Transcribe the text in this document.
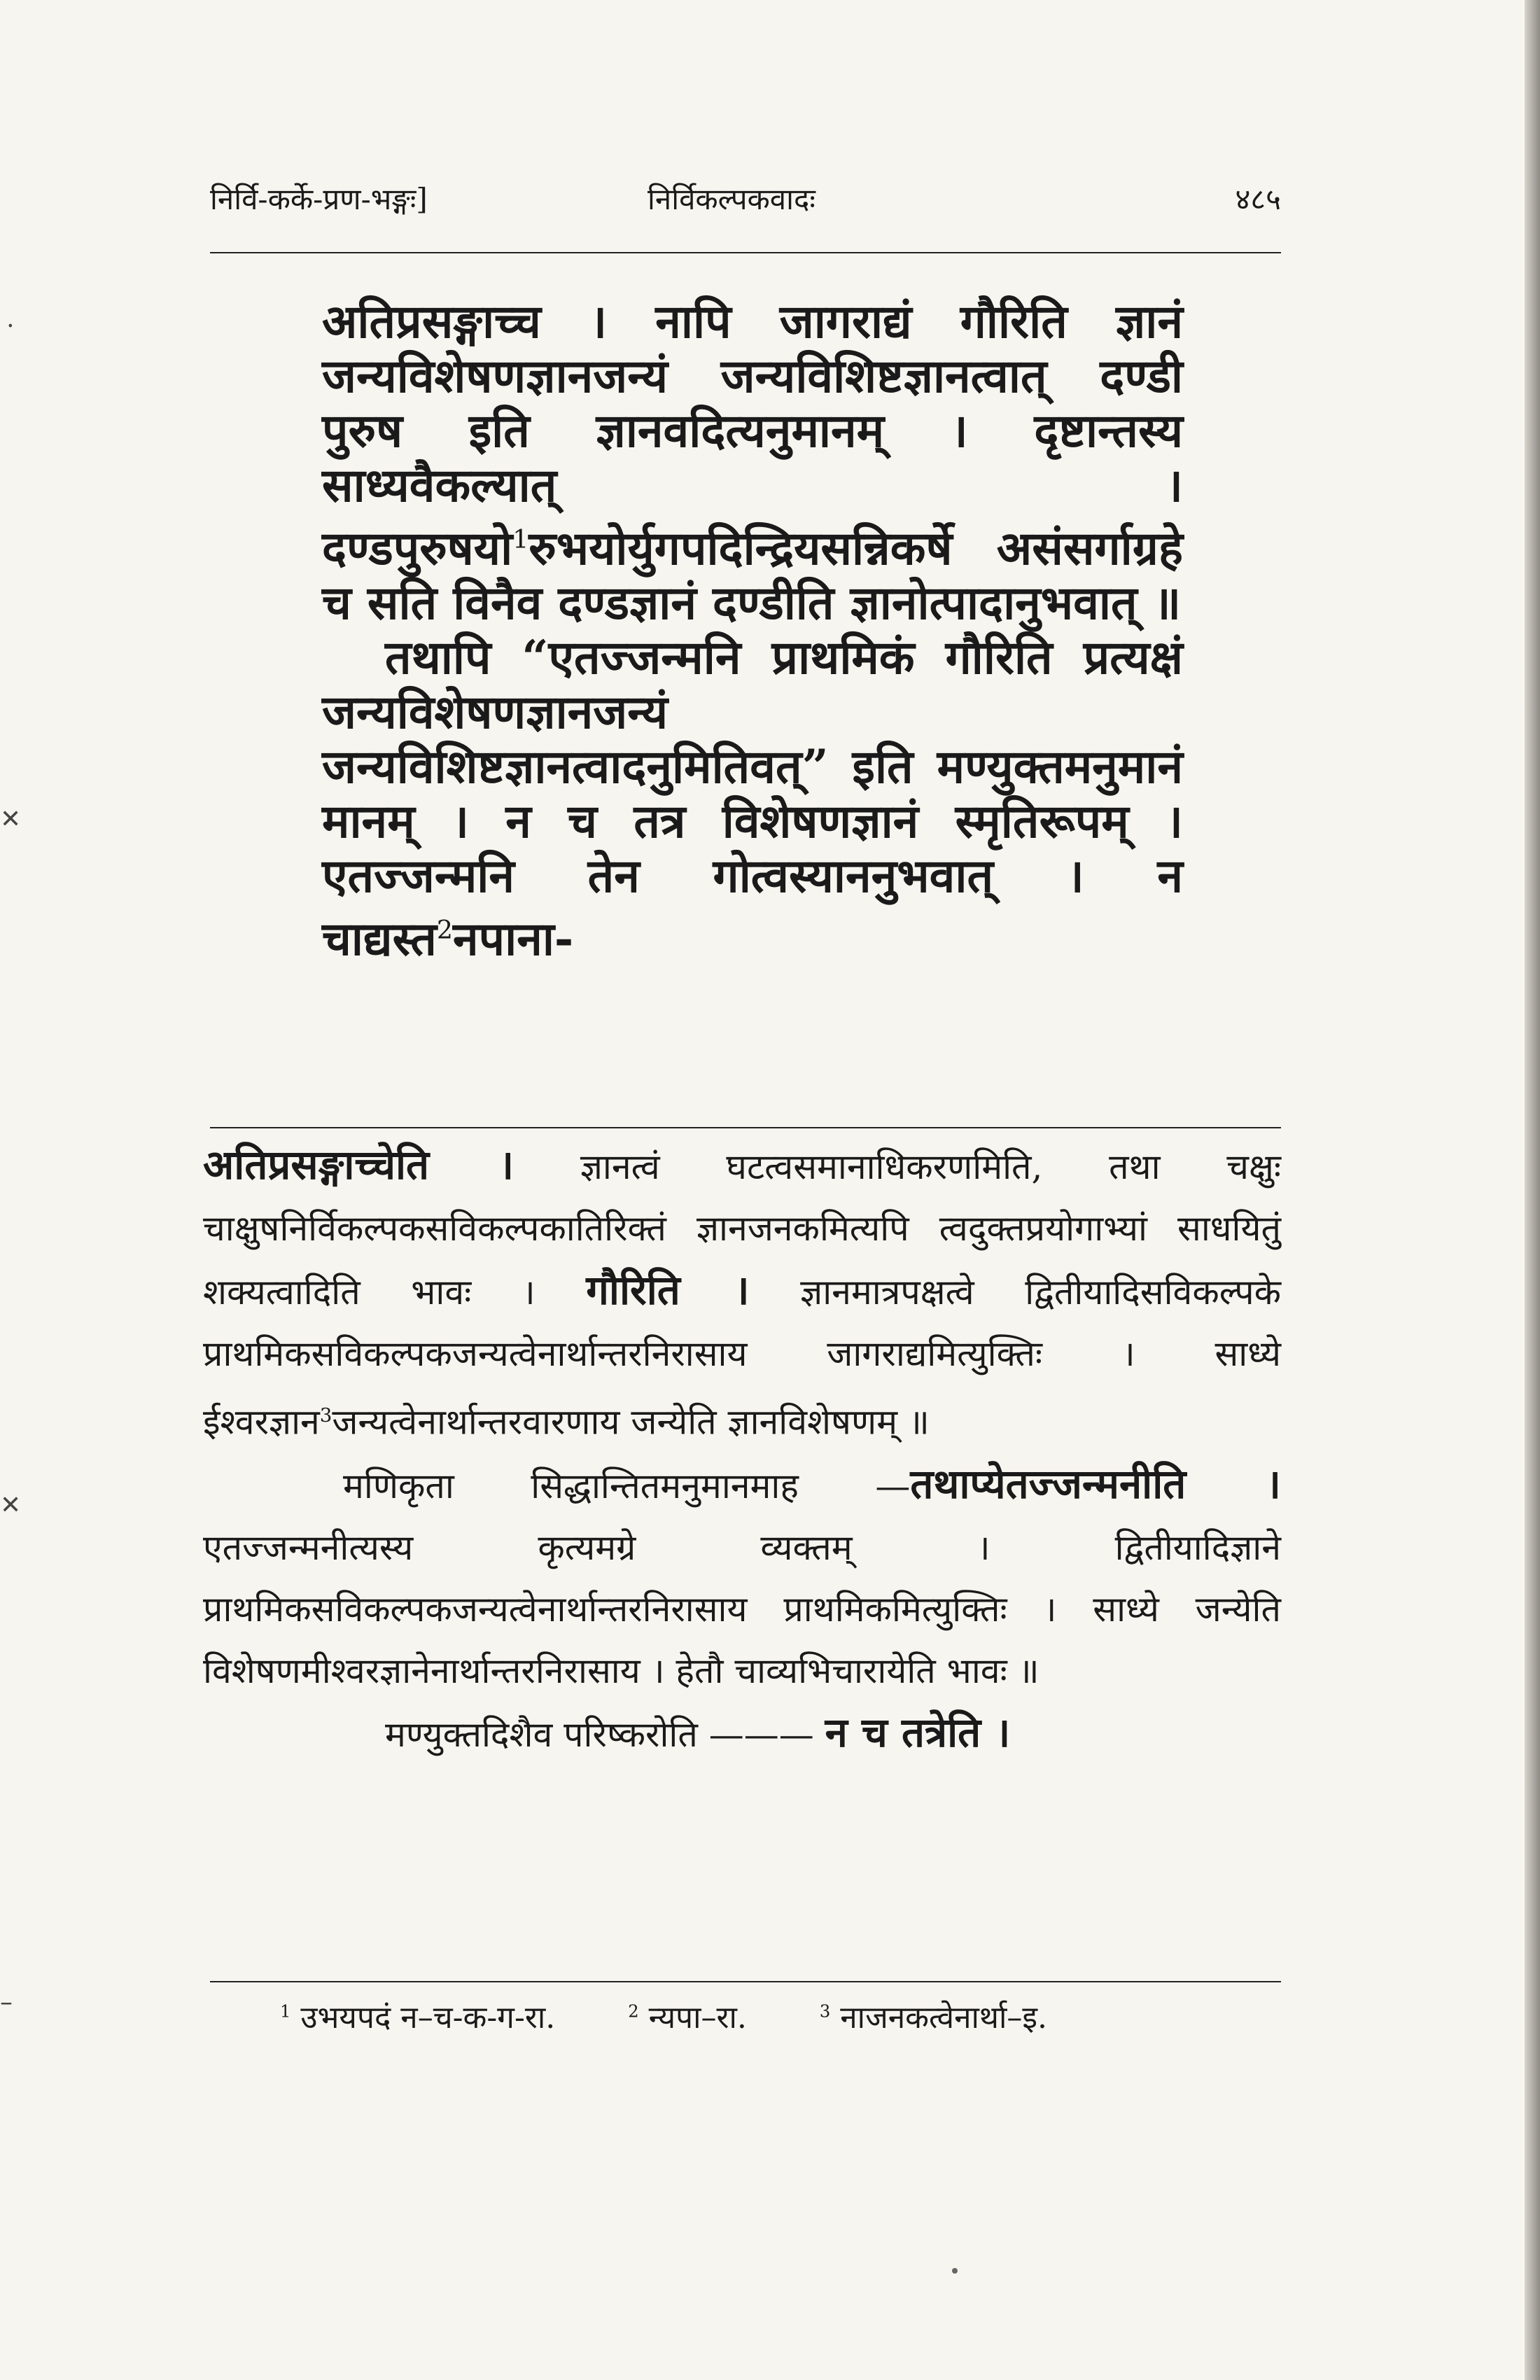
निर्वि-कर्के-प्रण-भङ्गः]	निर्विकल्पकवादः	४८५

अतिप्रसङ्गाच्च । नापि जागराद्यं गौरिति ज्ञानं जन्यविशेषणज्ञानजन्यं जन्यविशिष्टज्ञानत्वात् दण्डी पुरुष इति ज्ञानवदित्यनुमानम् । दृष्टान्तस्य साध्यवैकल्यात् । दण्डपुरुषयो$^1$रुभयोर्युगपदिन्द्रियसन्निकर्षे असंसर्गाग्रहे च सति विनैव दण्डज्ञानं दण्डीति ज्ञानोत्पादानुभवात् ॥

तथापि “एतज्जन्मनि प्राथमिकं गौरिति प्रत्यक्षं जन्यविशेषणज्ञानजन्यं जन्यविशिष्टज्ञानत्वादनुमितिवत्” इति मण्युक्तमनुमानं मानम् । न च तत्र विशेषणज्ञानं स्मृतिरूपम् । एतज्जन्मनि तेन गोत्वस्याननुभवात् । न चाद्यस्त$^2$नपाना-

अतिप्रसङ्गाच्चेति । ज्ञानत्वं घटत्वसमानाधिकरणमिति, तथा चक्षुः चाक्षुषनिर्विकल्पकसविकल्पकातिरिक्तं ज्ञानजनकमित्यपि त्वदुक्तप्रयोगाभ्यां साधयितुं शक्यत्वादिति भावः । गौरिति । ज्ञानमात्रपक्षत्वे द्वितीयादिसविकल्पके प्राथमिकसविकल्पकजन्यत्वेनार्थान्तरनिरासाय जागराद्यमित्युक्तिः । साध्ये ईश्वरज्ञान$^3$जन्यत्वेनार्थान्तरवारणाय जन्येति ज्ञानविशेषणम् ॥

मणिकृता सिद्धान्तितमनुमानमाह —तथाप्येतज्जन्मनीति । एतज्जन्मनीत्यस्य कृत्यमग्रे व्यक्तम् । द्वितीयादिज्ञाने प्राथमिकसविकल्पकजन्यत्वेनार्थान्तरनिरासाय प्राथमिकमित्युक्तिः । साध्ये जन्येति विशेषणमीश्वरज्ञानेनार्थान्तरनिरासाय । हेतौ चाव्यभिचारायेति भावः ॥

मण्युक्तदिशैव परिष्करोति ——— न च तत्रेति ।

$^1$ उभयपदं न–च-क-ग-रा.	$^2$ न्यपा–रा.	$^3$ नाजनकत्वेनार्था–इ.
⸱
✕
✕
–
